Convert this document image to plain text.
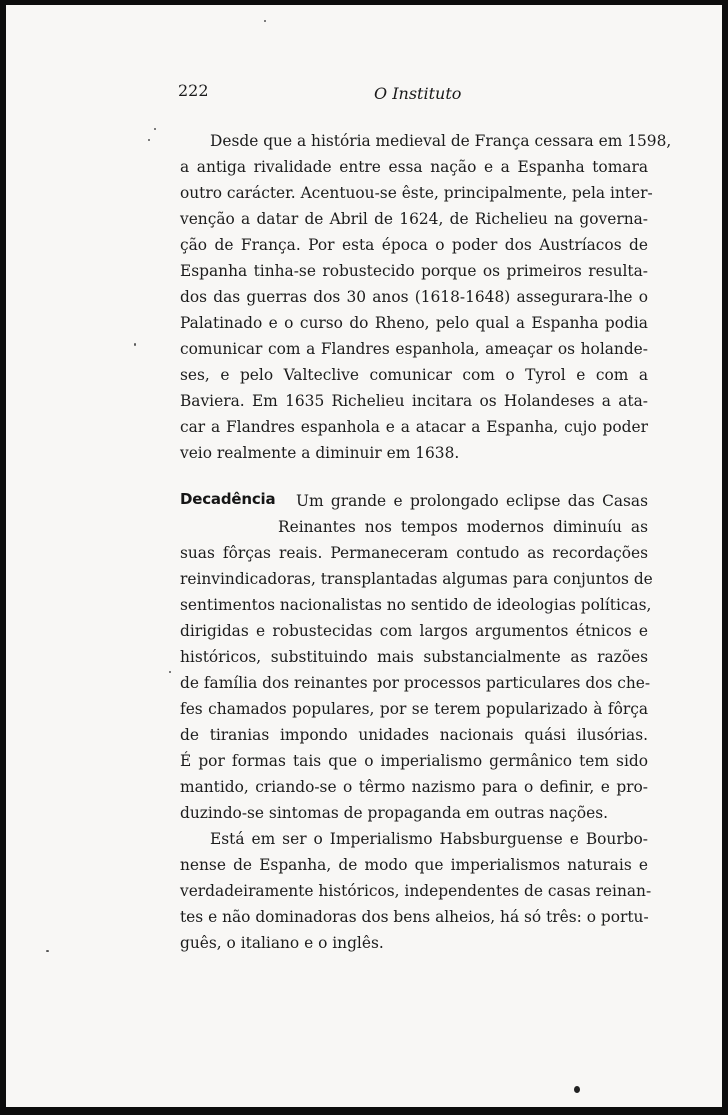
222	O Instituto
Desde que a história medieval de França cessara em 1598,
a antiga rivalidade entre essa nação e a Espanha tomara
outro carácter. Acentuou-se êste, principalmente, pela inter-
venção a datar de Abril de 1624, de Richelieu na governa-
ção de França. Por esta época o poder dos Austríacos de
Espanha tinha-se robustecido porque os primeiros resulta-
dos das guerras dos 30 anos (1618-1648) assegurara-lhe o
Palatinado e o curso do Rheno, pelo qual a Espanha podia
comunicar com a Flandres espanhola, ameaçar os holande-
ses, e pelo Valteclive comunicar com o Tyrol e com a
Baviera. Em 1635 Richelieu incitara os Holandeses a ata-
car a Flandres espanhola e a atacar a Espanha, cujo poder
veio realmente a diminuir em 1638.
Decadência Um grande e prolongado eclipse das Casas
Reinantes nos tempos modernos diminuíu as
suas fôrças reais. Permaneceram contudo as recordações
reinvindicadoras, transplantadas algumas para conjuntos de
sentimentos nacionalistas no sentido de ideologias políticas,
dirigidas e robustecidas com largos argumentos étnicos e
históricos, substituindo mais substancialmente as razões
de família dos reinantes por processos particulares dos che-
fes chamados populares, por se terem popularizado à fôrça
de tiranias impondo unidades nacionais quási ilusórias.
É por formas tais que o imperialismo germânico tem sido
mantido, criando-se o têrmo nazismo para o definir, e pro-
duzindo-se sintomas de propaganda em outras nações.
Está em ser o Imperialismo Habsburguense e Bourbo-
nense de Espanha, de modo que imperialismos naturais e
verdadeiramente históricos, independentes de casas reinan-
tes e não dominadoras dos bens alheios, há só três: o portu-
guês, o italiano e o inglês.
